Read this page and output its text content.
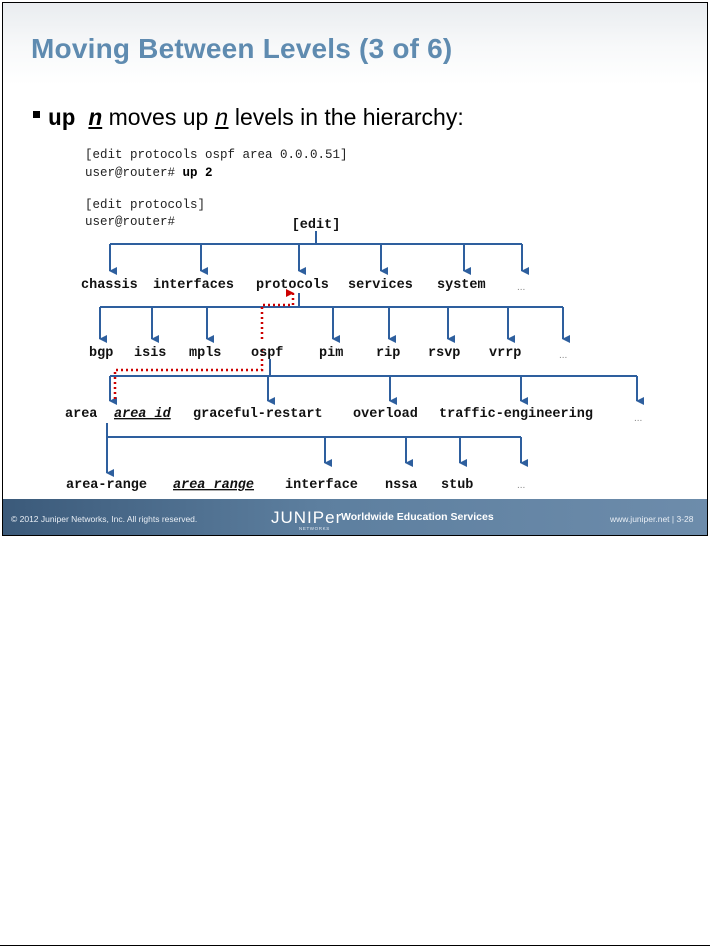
Moving Between Levels (3 of 6)
up n moves up n levels in the hierarchy:
[edit protocols ospf area 0.0.0.51]
user@router# up 2
[edit protocols]
user@router#	[edit]
chassis interfaces protocols services system	...
bgp isis mpls ospf	pim rip rsvp vrrp	...
area area_id graceful-restart overload traffic-engineering	...
area-range area_range interface nssa stub	...
© 2012 Juniper Networks, Inc. All rights reserved.	JUNIPer
NETWORKS
Worldwide Education Services	www.juniper.net | 3-28
